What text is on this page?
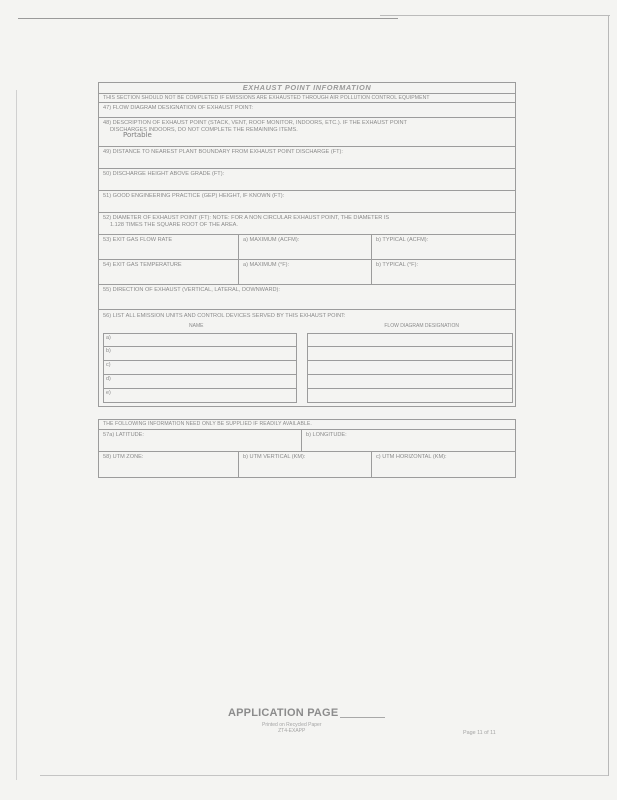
EXHAUST POINT INFORMATION
THIS SECTION SHOULD NOT BE COMPLETED IF EMISSIONS ARE EXHAUSTED THROUGH AIR POLLUTION CONTROL EQUIPMENT
47) FLOW DIAGRAM DESIGNATION OF EXHAUST POINT:
48) DESCRIPTION OF EXHAUST POINT (STACK, VENT, ROOF MONITOR, INDOORS, ETC.). IF THE EXHAUST POINT
DISCHARGES INDOORS, DO NOT COMPLETE THE REMAINING ITEMS.
Portable
49) DISTANCE TO NEAREST PLANT BOUNDARY FROM EXHAUST POINT DISCHARGE (FT):
50) DISCHARGE HEIGHT ABOVE GRADE (FT):
51) GOOD ENGINEERING PRACTICE (GEP) HEIGHT, IF KNOWN (FT):
52) DIAMETER OF EXHAUST POINT (FT): NOTE: FOR A NON CIRCULAR EXHAUST POINT, THE DIAMETER IS
1.128 TIMES THE SQUARE ROOT OF THE AREA.
53) EXIT GAS FLOW RATE	a) MAXIMUM (ACFM):	b) TYPICAL (ACFM):
54) EXIT GAS TEMPERATURE	a) MAXIMUM (°F):	b) TYPICAL (°F):
55) DIRECTION OF EXHAUST (VERTICAL, LATERAL, DOWNWARD):
56) LIST ALL EMISSION UNITS AND CONTROL DEVICES SERVED BY THIS EXHAUST POINT:
NAME	FLOW DIAGRAM DESIGNATION
a)
b)
c)
d)
e)
THE FOLLOWING INFORMATION NEED ONLY BE SUPPLIED IF READILY AVAILABLE.
57a) LATITUDE:	b) LONGITUDE:
58) UTM ZONE:	b) UTM VERTICAL (KM):	c) UTM HORIZONTAL (KM):
APPLICATION PAGE
Printed on Recycled Paper
ZT4-EXAPP	Page 11 of 11
